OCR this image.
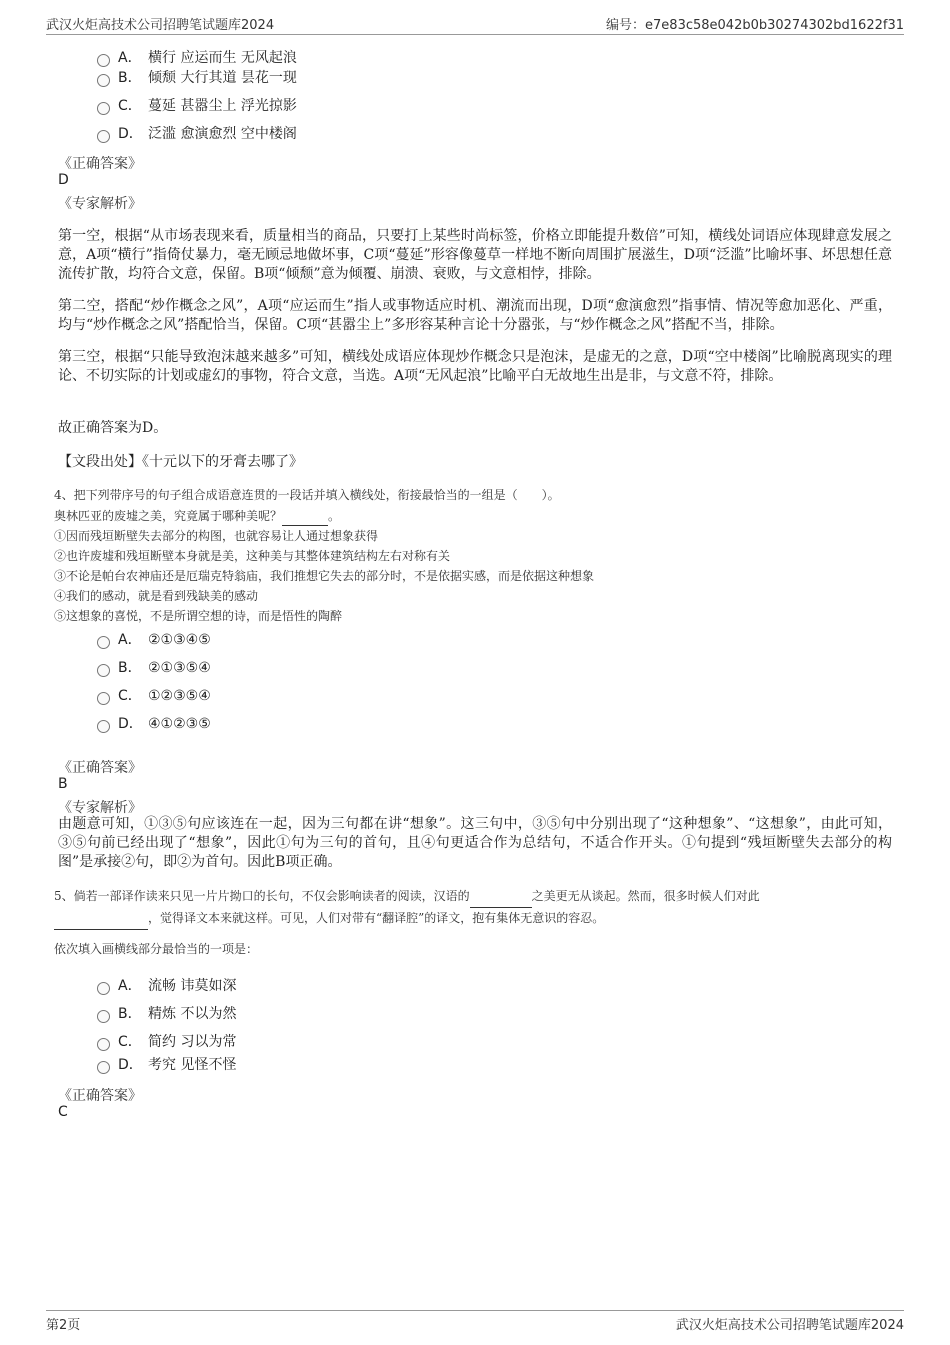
武汉火炬高技术公司招聘笔试题库2024	编号：e7e83c58e042b0b30274302bd1622f31
A． 横行 应运而生 无风起浪
B． 倾颓 大行其道 昙花一现
C． 蔓延 甚嚣尘上 浮光掠影
D． 泛滥 愈演愈烈 空中楼阁
《正确答案》
D
《专家解析》
第一空，根据“从市场表现来看，质量相当的商品，只要打上某些时尚标签，价格立即能提升数倍”可知，横线处词语应体现肆意发展之意，A项“横行”指倚仗暴力，毫无顾忌地做坏事，C项“蔓延”形容像蔓草一样地不断向周围扩展滋生，D项“泛滥”比喻坏事、坏思想任意流传扩散，均符合文意，保留。B项“倾颓”意为倾覆、崩溃、衰败，与文意相悖，排除。
第二空，搭配“炒作概念之风”，A项“应运而生”指人或事物适应时机、潮流而出现，D项“愈演愈烈”指事情、情况等愈加恶化、严重，均与“炒作概念之风”搭配恰当，保留。C项“甚嚣尘上”多形容某种言论十分嚣张，与“炒作概念之风”搭配不当，排除。
第三空，根据“只能导致泡沫越来越多”可知，横线处成语应体现炒作概念只是泡沫，是虚无的之意，D项“空中楼阁”比喻脱离现实的理论、不切实际的计划或虚幻的事物，符合文意，当选。A项“无风起浪”比喻平白无故地生出是非，与文意不符，排除。
故正确答案为D。
【文段出处】《十元以下的牙膏去哪了》
4、把下列带序号的句子组合成语意连贯的一段话并填入横线处，衔接最恰当的一组是（　　）。
奥林匹亚的废墟之美，究竟属于哪种美呢？	。
①因而残垣断壁失去部分的构图，也就容易让人通过想象获得
②也许废墟和残垣断壁本身就是美，这种美与其整体建筑结构左右对称有关
③不论是帕台农神庙还是厄瑞克特翁庙，我们推想它失去的部分时，不是依据实感，而是依据这种想象
④我们的感动，就是看到残缺美的感动
⑤这想象的喜悦，不是所谓空想的诗，而是悟性的陶醉
A． ②①③④⑤
B． ②①③⑤④
C． ①②③⑤④
D． ④①②③⑤
《正确答案》
B
《专家解析》
由题意可知，①③⑤句应该连在一起，因为三句都在讲“想象”。这三句中，③⑤句中分别出现了“这种想象”、“这想象”，由此可知，③⑤句前已经出现了“想象”，因此①句为三句的首句，且④句更适合作为总结句，不适合作开头。①句提到“残垣断壁失去部分的构图”是承接②句，即②为首句。因此B项正确。
5、倘若一部译作读来只见一片片拗口的长句，不仅会影响读者的阅读，汉语的	之美更无从谈起。然而，很多时候人们对此
，觉得译文本来就这样。可见，人们对带有“翻译腔”的译文，抱有集体无意识的容忍。
依次填入画横线部分最恰当的一项是：
A． 流畅 讳莫如深
B． 精炼 不以为然
C． 简约 习以为常
D． 考究 见怪不怪
《正确答案》
C
第2页	武汉火炬高技术公司招聘笔试题库2024
